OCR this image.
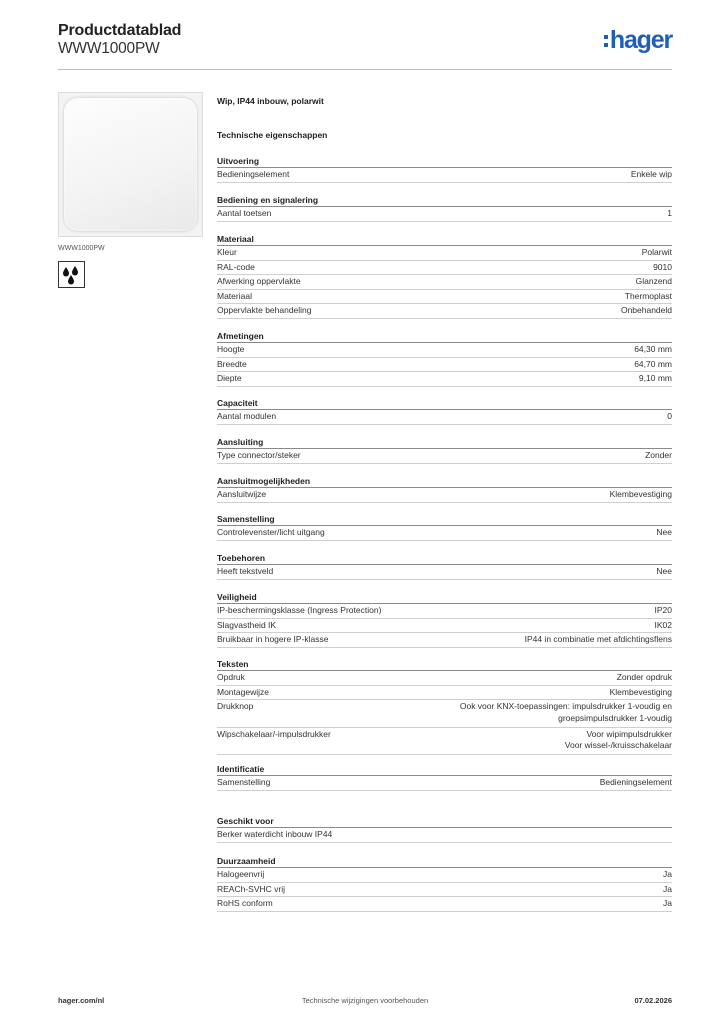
Productdatablad
WWW1000PW	hager
WWW1000PW
Wip, IP44 inbouw, polarwit
Technische eigenschappen
Uitvoering
Bedieningselement	Enkele wip
Bediening en signalering
Aantal toetsen	1
Materiaal
Kleur	Polarwit
RAL-code	9010
Afwerking oppervlakte	Glanzend
Materiaal	Thermoplast
Oppervlakte behandeling	Onbehandeld
Afmetingen
Hoogte	64,30 mm
Breedte	64,70 mm
Diepte	9,10 mm
Capaciteit
Aantal modulen	0
Aansluiting
Type connector/steker	Zonder
Aansluitmogelijkheden
Aansluitwijze	Klembevestiging
Samenstelling
Controlevenster/licht uitgang	Nee
Toebehoren
Heeft tekstveld	Nee
Veiligheid
IP-beschermingsklasse (Ingress Protection)	IP20
Slagvastheid IK	IK02
Bruikbaar in hogere IP-klasse	IP44 in combinatie met afdichtingsflens
Teksten
Opdruk	Zonder opdruk
Montagewijze	Klembevestiging
Drukknop	Ook voor KNX-toepassingen: impulsdrukker 1-voudig en
groepsimpulsdrukker 1-voudig
Wipschakelaar/-impulsdrukker	Voor wipimpulsdrukker
Voor wissel-/kruisschakelaar
Identificatie
Samenstelling	Bedieningselement
Geschikt voor
Berker waterdicht inbouw IP44
Duurzaamheid
Halogeenvrij	Ja
REACh-SVHC vrij	Ja
RoHS conform	Ja
Technische wijzigingen voorbehouden
hager.com/nl	07.02.2026
